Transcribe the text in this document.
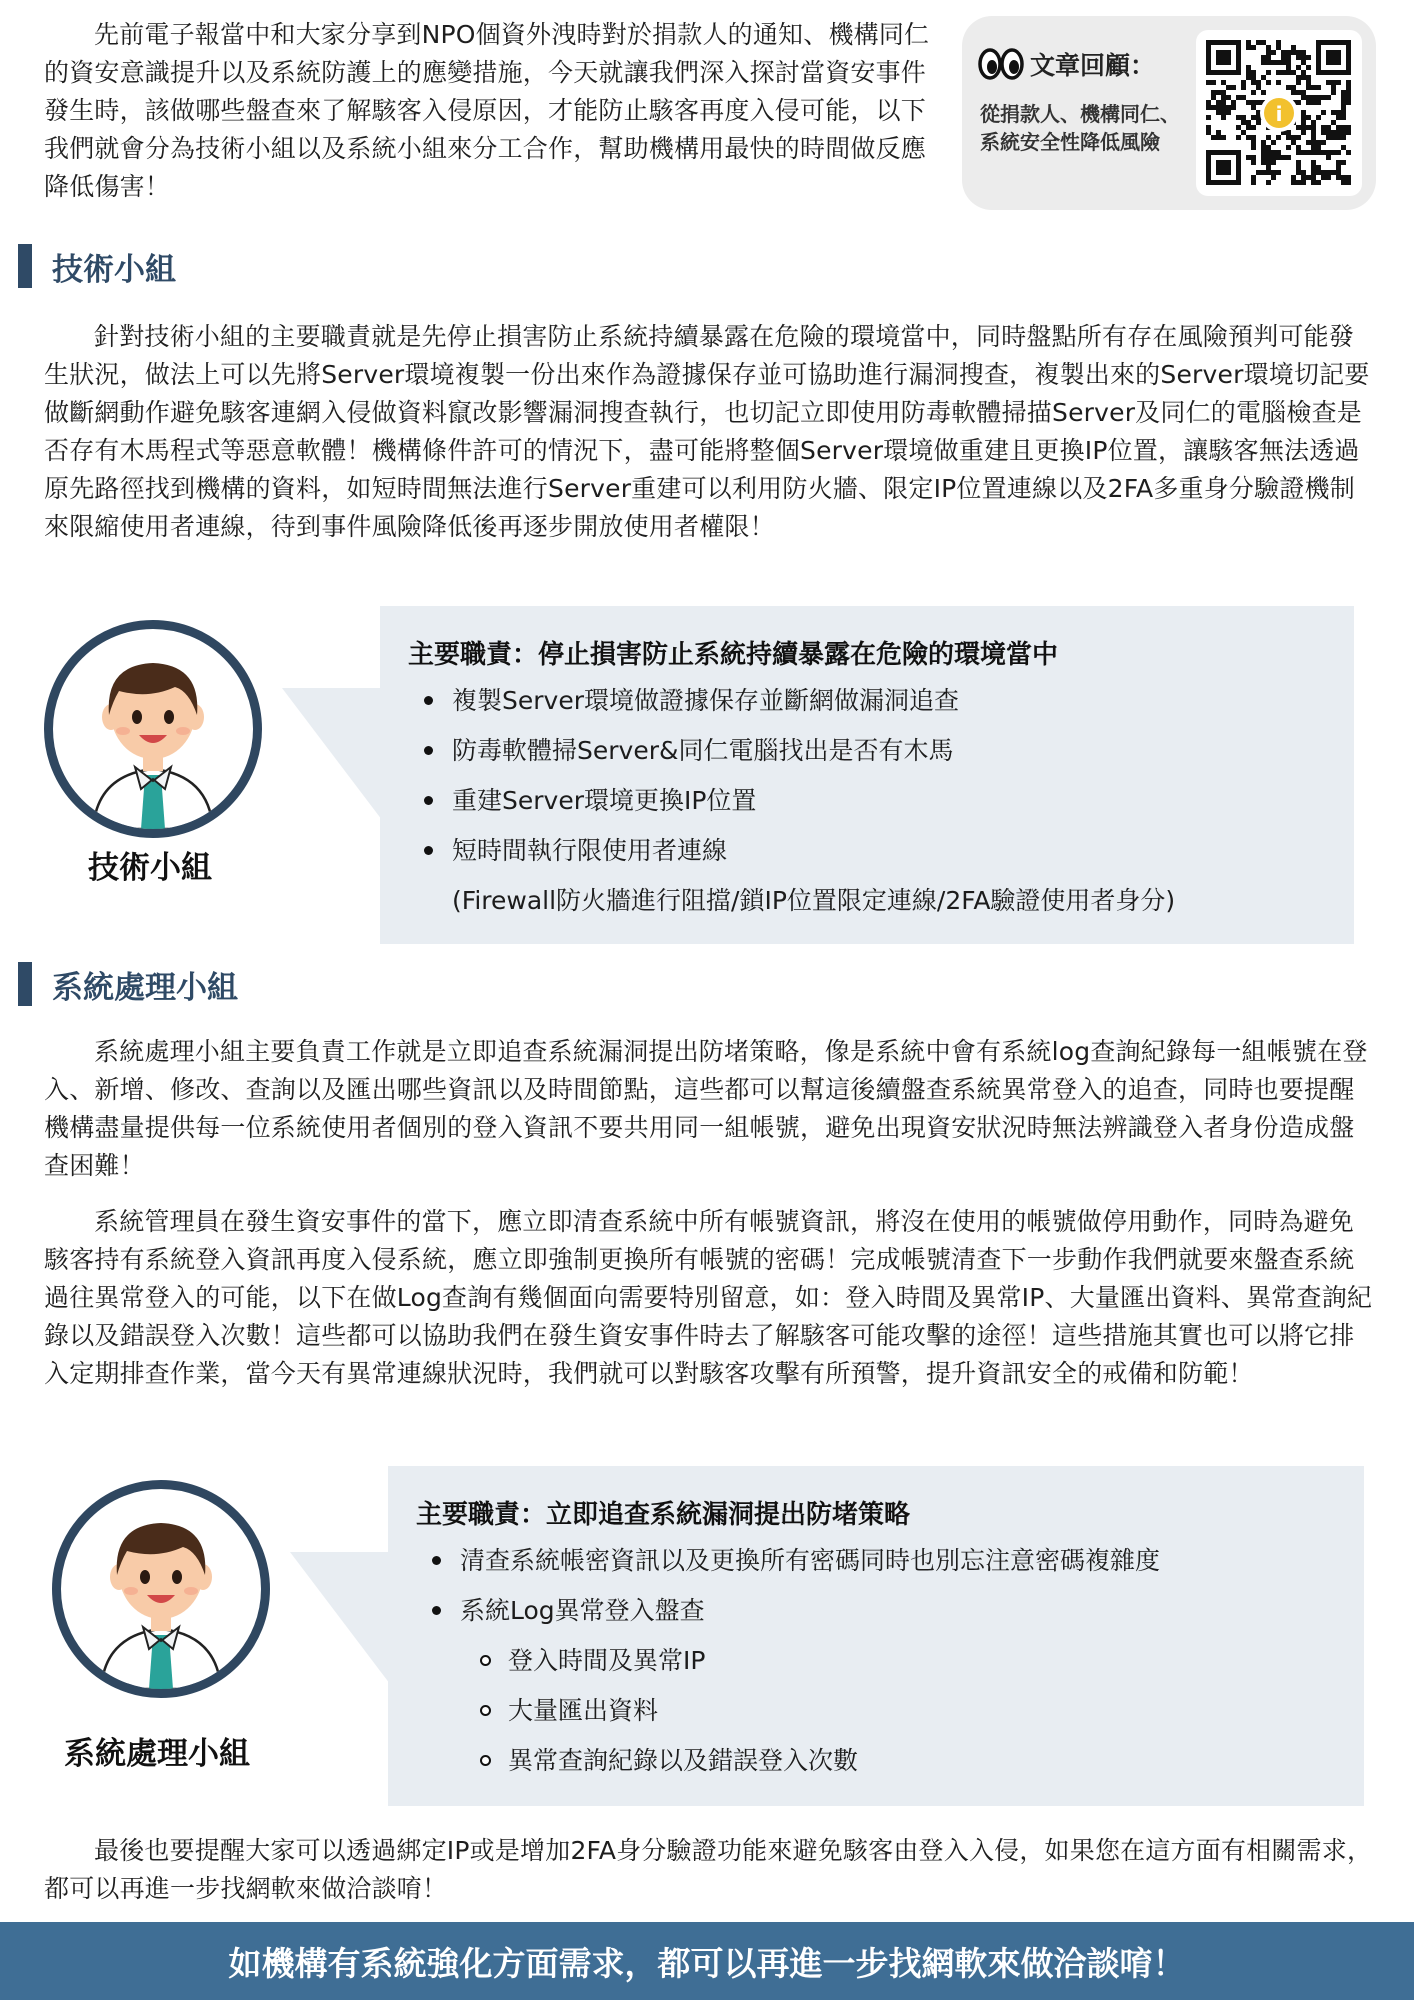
先前電子報當中和大家分享到NPO個資外洩時對於捐款人的通知、機構同仁的資安意識提升以及系統防護上的應變措施，今天就讓我們深入探討當資安事件發生時，該做哪些盤查來了解駭客入侵原因，才能防止駭客再度入侵可能，以下我們就會分為技術小組以及系統小組來分工合作，幫助機構用最快的時間做反應降低傷害！

文章回顧：
從捐款人、機構同仁、系統安全性降低風險
i
技術小組

針對技術小組的主要職責就是先停止損害防止系統持續暴露在危險的環境當中，同時盤點所有存在風險預判可能發生狀況，做法上可以先將Server環境複製一份出來作為證據保存並可協助進行漏洞搜查，複製出來的Server環境切記要做斷網動作避免駭客連網入侵做資料竄改影響漏洞搜查執行，也切記立即使用防毒軟體掃描Server及同仁的電腦檢查是否存有木馬程式等惡意軟體！機構條件許可的情況下，盡可能將整個Server環境做重建且更換IP位置，讓駭客無法透過原先路徑找到機構的資料，如短時間無法進行Server重建可以利用防火牆、限定IP位置連線以及2FA多重身分驗證機制來限縮使用者連線，待到事件風險降低後再逐步開放使用者權限！

技術小組
主要職責：停止損害防止系統持續暴露在危險的環境當中
複製Server環境做證據保存並斷網做漏洞追查
防毒軟體掃Server&同仁電腦找出是否有木馬
重建Server環境更換IP位置
短時間執行限使用者連線
(Firewall防火牆進行阻擋/鎖IP位置限定連線/2FA驗證使用者身分)
系統處理小組

系統處理小組主要負責工作就是立即追查系統漏洞提出防堵策略，像是系統中會有系統log查詢紀錄每一組帳號在登入、新增、修改、查詢以及匯出哪些資訊以及時間節點，這些都可以幫這後續盤查系統異常登入的追查，同時也要提醒機構盡量提供每一位系統使用者個別的登入資訊不要共用同一組帳號，避免出現資安狀況時無法辨識登入者身份造成盤查困難！

系統管理員在發生資安事件的當下，應立即清查系統中所有帳號資訊，將沒在使用的帳號做停用動作，同時為避免駭客持有系統登入資訊再度入侵系統，應立即強制更換所有帳號的密碼！完成帳號清查下一步動作我們就要來盤查系統過往異常登入的可能，以下在做Log查詢有幾個面向需要特別留意，如：登入時間及異常IP、大量匯出資料、異常查詢紀錄以及錯誤登入次數！這些都可以協助我們在發生資安事件時去了解駭客可能攻擊的途徑！這些措施其實也可以將它排入定期排查作業，當今天有異常連線狀況時，我們就可以對駭客攻擊有所預警，提升資訊安全的戒備和防範！

系統處理小組
主要職責：立即追查系統漏洞提出防堵策略
清查系統帳密資訊以及更換所有密碼同時也別忘注意密碼複雜度
系統Log異常登入盤查
登入時間及異常IP
大量匯出資料
異常查詢紀錄以及錯誤登入次數

最後也要提醒大家可以透過綁定IP或是增加2FA身分驗證功能來避免駭客由登入入侵，如果您在這方面有相關需求，都可以再進一步找網軟來做洽談唷！

如機構有系統強化方面需求，都可以再進一步找網軟來做洽談唷！
